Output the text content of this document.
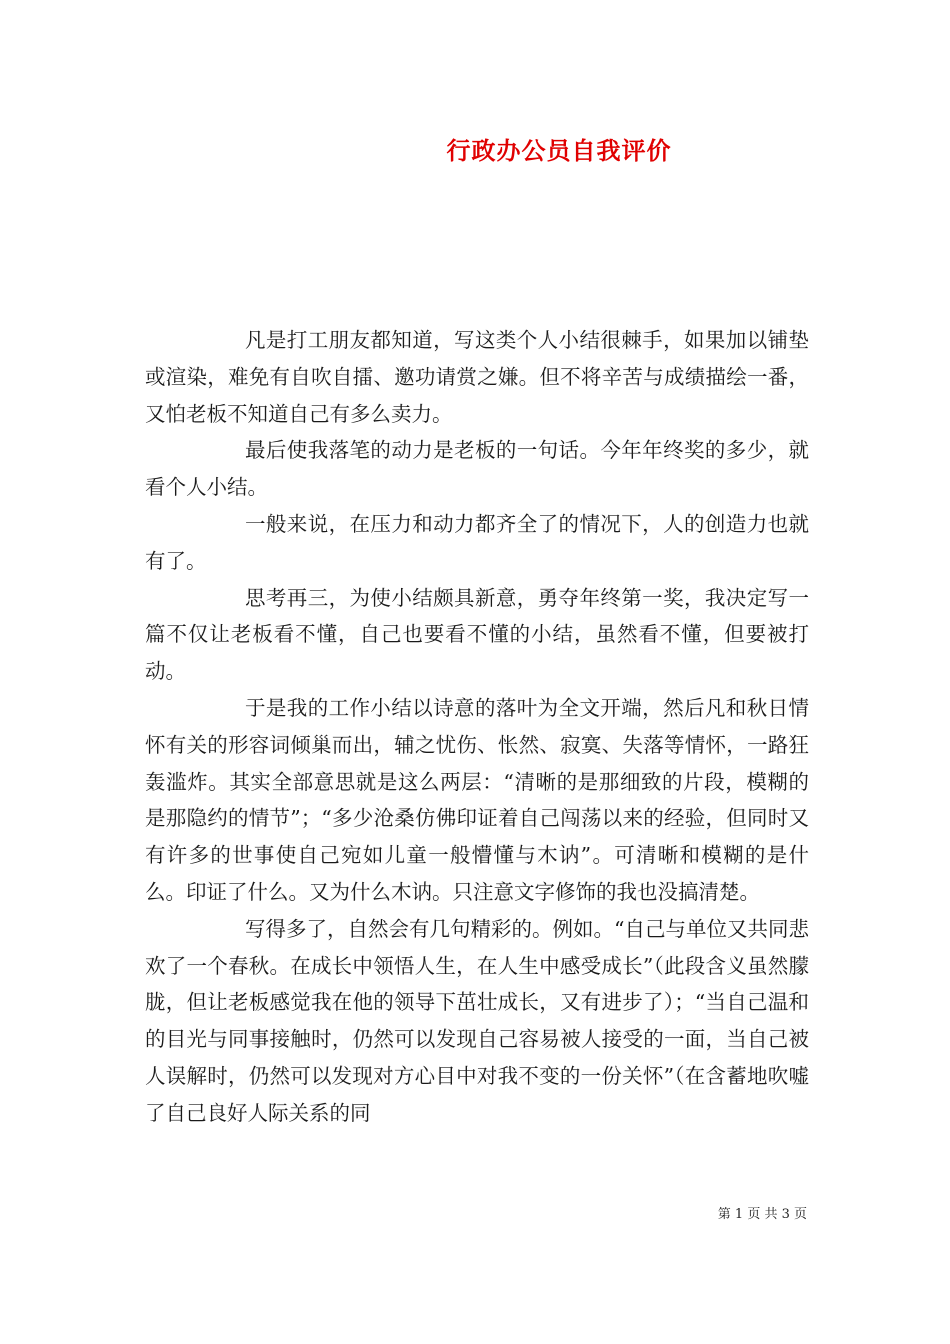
行政办公员自我评价

凡是打工朋友都知道，写这类个人小结很棘手，如果加以铺垫或渲染，难免有自吹自擂、邀功请赏之嫌。但不将辛苦与成绩描绘一番，又怕老板不知道自己有多么卖力。

最后使我落笔的动力是老板的一句话。今年年终奖的多少，就看个人小结。

一般来说，在压力和动力都齐全了的情况下，人的创造力也就有了。

思考再三，为使小结颇具新意，勇夺年终第一奖，我决定写一篇不仅让老板看不懂，自己也要看不懂的小结，虽然看不懂，但要被打动。

于是我的工作小结以诗意的落叶为全文开端，然后凡和秋日情怀有关的形容词倾巢而出，辅之忧伤、怅然、寂寞、失落等情怀，一路狂轰滥炸。其实全部意思就是这么两层：“清晰的是那细致的片段，模糊的是那隐约的情节”；“多少沧桑仿佛印证着自己闯荡以来的经验，但同时又有许多的世事使自己宛如儿童一般懵懂与木讷”。可清晰和模糊的是什么。印证了什么。又为什么木讷。只注意文字修饰的我也没搞清楚。

写得多了，自然会有几句精彩的。例如。“自己与单位又共同悲欢了一个春秋。在成长中领悟人生，在人生中感受成长”（此段含义虽然朦胧，但让老板感觉我在他的领导下茁壮成长，又有进步了）；“当自己温和的目光与同事接触时，仍然可以发现自己容易被人接受的一面，当自己被人误解时，仍然可以发现对方心目中对我不变的一份关怀”（在含蓄地吹嘘了自己良好人际关系的同

第 1 页 共 3 页
